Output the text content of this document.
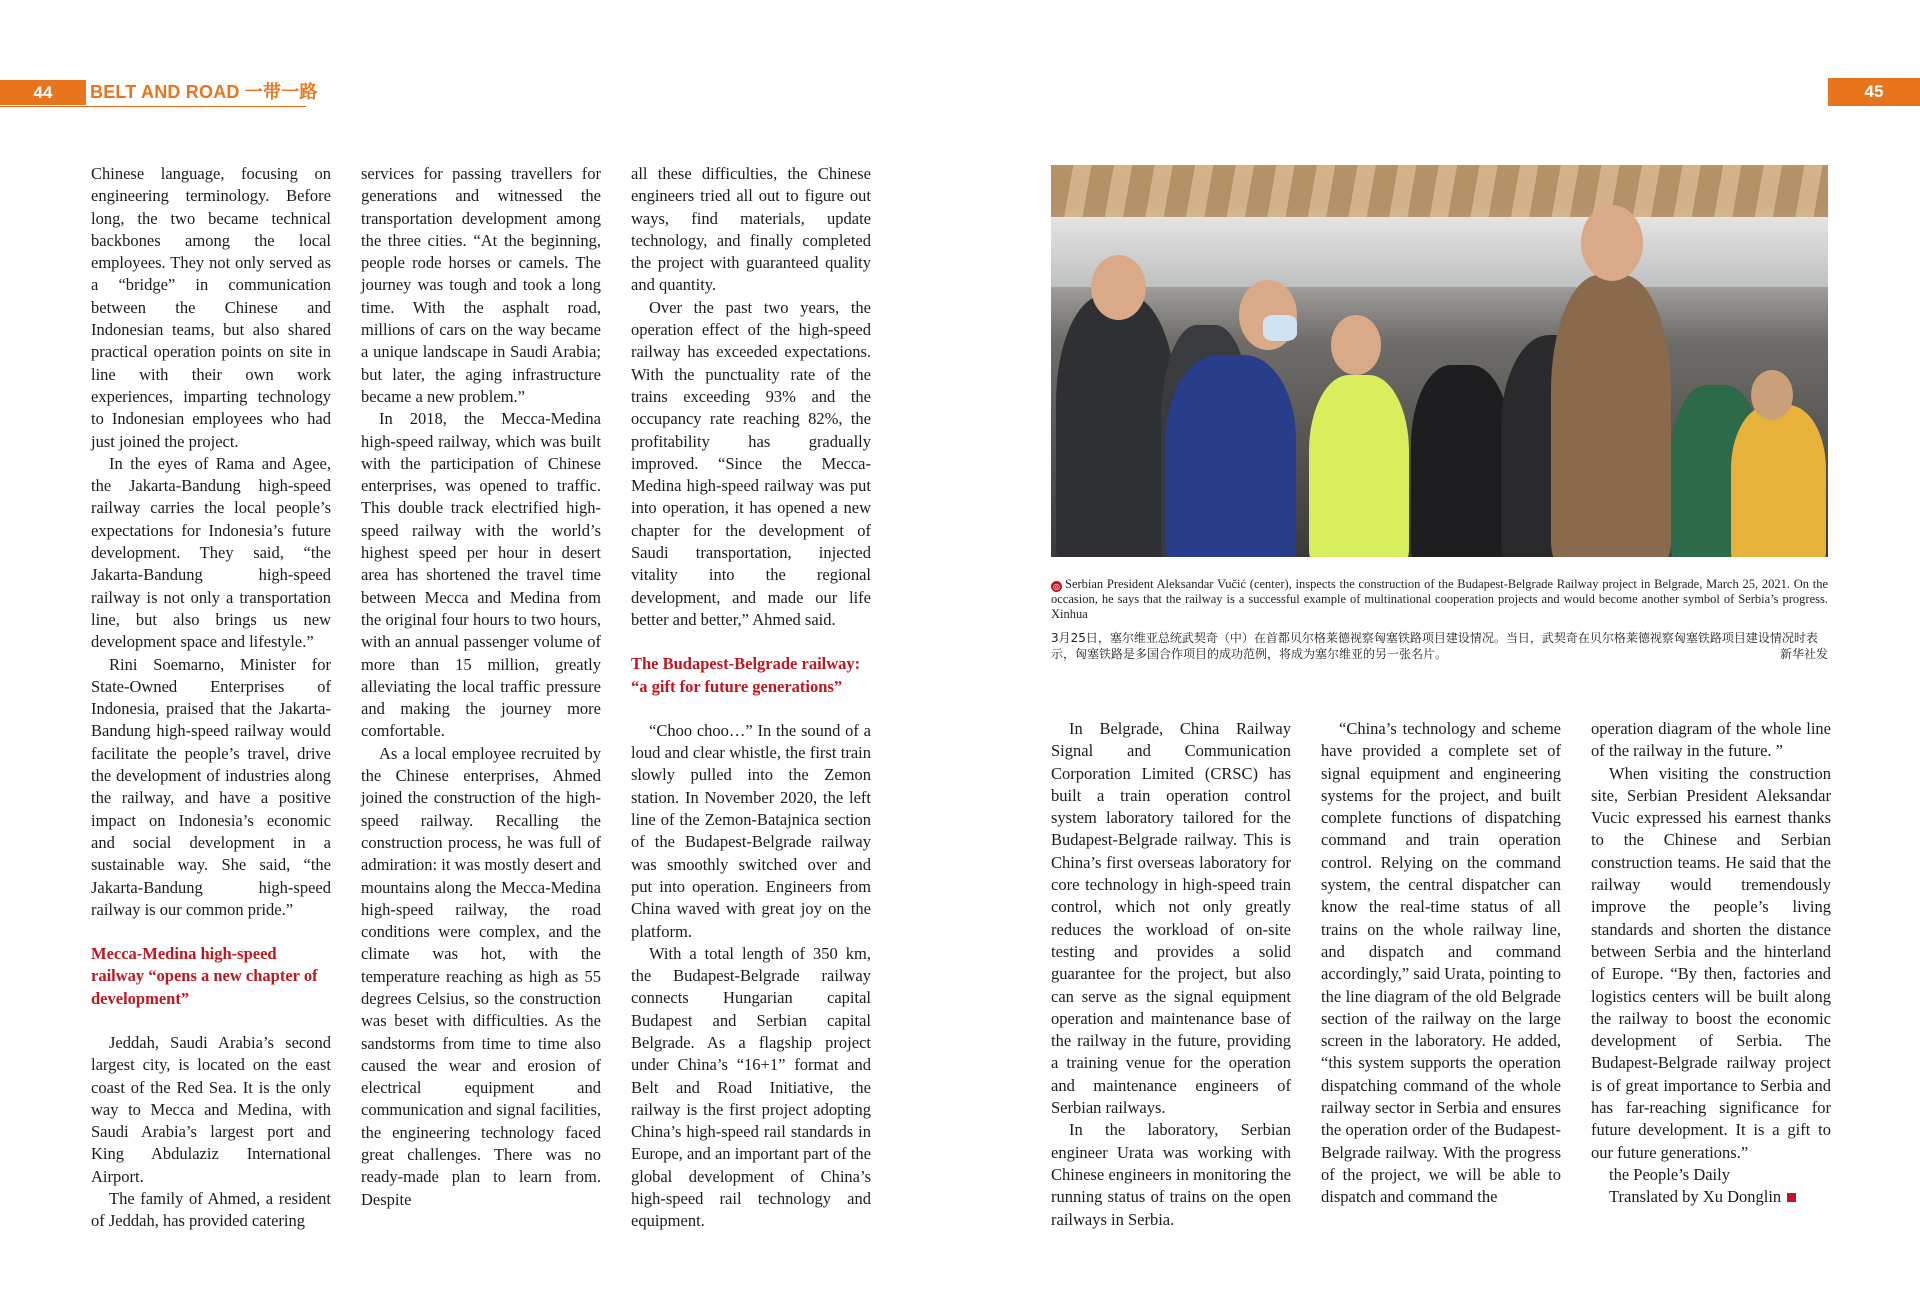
44	BELT AND ROAD 一带一路	45

Chinese language, focusing on engineering terminology. Before long, the two became technical backbones among the local employees. They not only served as a “bridge” in communication between the Chinese and Indonesian teams, but also shared practical operation points on site in line with their own work experiences, imparting technology to Indonesian employees who had just joined the project.

In the eyes of Rama and Agee, the Jakarta-Bandung high-speed railway carries the local people’s expectations for Indonesia’s future development. They said, “the Jakarta-Bandung high-speed railway is not only a transportation line, but also brings us new development space and lifestyle.”

Rini Soemarno, Minister for State-Owned Enterprises of Indonesia, praised that the Jakarta-Bandung high-speed railway would facilitate the people’s travel, drive the development of industries along the railway, and have a positive impact on Indonesia’s economic and social development in a sustainable way. She said, “the Jakarta-Bandung high-speed railway is our common pride.”

Mecca-Medina high-speed railway “opens a new chapter of development”

Jeddah, Saudi Arabia’s second largest city, is located on the east coast of the Red Sea. It is the only way to Mecca and Medina, with Saudi Arabia’s largest port and King Abdulaziz International Airport.

The family of Ahmed, a resident of Jeddah, has provided catering

services for passing travellers for generations and witnessed the transportation development among the three cities. “At the beginning, people rode horses or camels. The journey was tough and took a long time. With the asphalt road, millions of cars on the way became a unique landscape in Saudi Arabia; but later, the aging infrastructure became a new problem.”

In 2018, the Mecca-Medina high-speed railway, which was built with the participation of Chinese enterprises, was opened to traffic. This double track electrified high-speed railway with the world’s highest speed per hour in desert area has shortened the travel time between Mecca and Medina from the original four hours to two hours, with an annual passenger volume of more than 15 million, greatly alleviating the local traffic pressure and making the journey more comfortable.

As a local employee recruited by the Chinese enterprises, Ahmed joined the construction of the high-speed railway. Recalling the construction process, he was full of admiration: it was mostly desert and mountains along the Mecca-Medina high-speed railway, the road conditions were complex, and the climate was hot, with the temperature reaching as high as 55 degrees Celsius, so the construction was beset with difficulties. As the sandstorms from time to time also caused the wear and erosion of electrical equipment and communication and signal facilities, the engineering technology faced great challenges. There was no ready-made plan to learn from. Despite

all these difficulties, the Chinese engineers tried all out to figure out ways, find materials, update technology, and finally completed the project with guaranteed quality and quantity.

Over the past two years, the operation effect of the high-speed railway has exceeded expectations. With the punctuality rate of the trains exceeding 93% and the occupancy rate reaching 82%, the profitability has gradually improved. “Since the Mecca-Medina high-speed railway was put into operation, it has opened a new chapter for the development of Saudi transportation, injected vitality into the regional development, and made our life better and better,” Ahmed said.

The Budapest-Belgrade railway: “a gift for future generations”

“Choo choo…” In the sound of a loud and clear whistle, the first train slowly pulled into the Zemon station. In November 2020, the left line of the Zemon-Batajnica section of the Budapest-Belgrade railway was smoothly switched over and put into operation. Engineers from China waved with great joy on the platform.

With a total length of 350 km, the Budapest-Belgrade railway connects Hungarian capital Budapest and Serbian capital Belgrade. As a flagship project under China’s “16+1” format and Belt and Road Initiative, the railway is the first project adopting China’s high-speed rail standards in Europe, and an important part of the global development of China’s high-speed rail technology and equipment.

◎ Serbian President Aleksandar Vučić (center), inspects the construction of the Budapest-Belgrade Railway project in Belgrade, March 25, 2021. On the occasion, he says that the railway is a successful example of multinational cooperation projects and would become another symbol of Serbia’s progress. Xinhua
3月25日，塞尔维亚总统武契奇（中）在首都贝尔格莱德视察匈塞铁路项目建设情况。当日，武契奇在贝尔格莱德视察匈塞铁路项目建设情况时表示，匈塞铁路是多国合作项目的成功范例，将成为塞尔维亚的另一张名片。	新华社发

In Belgrade, China Railway Signal and Communication Corporation Limited (CRSC) has built a train operation control system laboratory tailored for the Budapest-Belgrade railway. This is China’s first overseas laboratory for core technology in high-speed train control, which not only greatly reduces the workload of on-site testing and provides a solid guarantee for the project, but also can serve as the signal equipment operation and maintenance base of the railway in the future, providing a training venue for the operation and maintenance engineers of Serbian railways.

In the laboratory, Serbian engineer Urata was working with Chinese engineers in monitoring the running status of trains on the open railways in Serbia.

“China’s technology and scheme have provided a complete set of signal equipment and engineering systems for the project, and built complete functions of dispatching command and train operation control. Relying on the command system, the central dispatcher can know the real-time status of all trains on the whole railway line, and dispatch and command accordingly,” said Urata, pointing to the line diagram of the old Belgrade section of the railway on the large screen in the laboratory. He added, “this system supports the operation dispatching command of the whole railway sector in Serbia and ensures the operation order of the Budapest-Belgrade railway. With the progress of the project, we will be able to dispatch and command the

operation diagram of the whole line of the railway in the future. ”

When visiting the construction site, Serbian President Aleksandar Vucic expressed his earnest thanks to the Chinese and Serbian construction teams. He said that the railway would tremendously improve the people’s living standards and shorten the distance between Serbia and the hinterland of Europe. “By then, factories and logistics centers will be built along the railway to boost the economic development of Serbia. The Budapest-Belgrade railway project is of great importance to Serbia and has far-reaching significance for future development. It is a gift to our future generations.”

the People’s Daily

Translated by Xu Donglin
